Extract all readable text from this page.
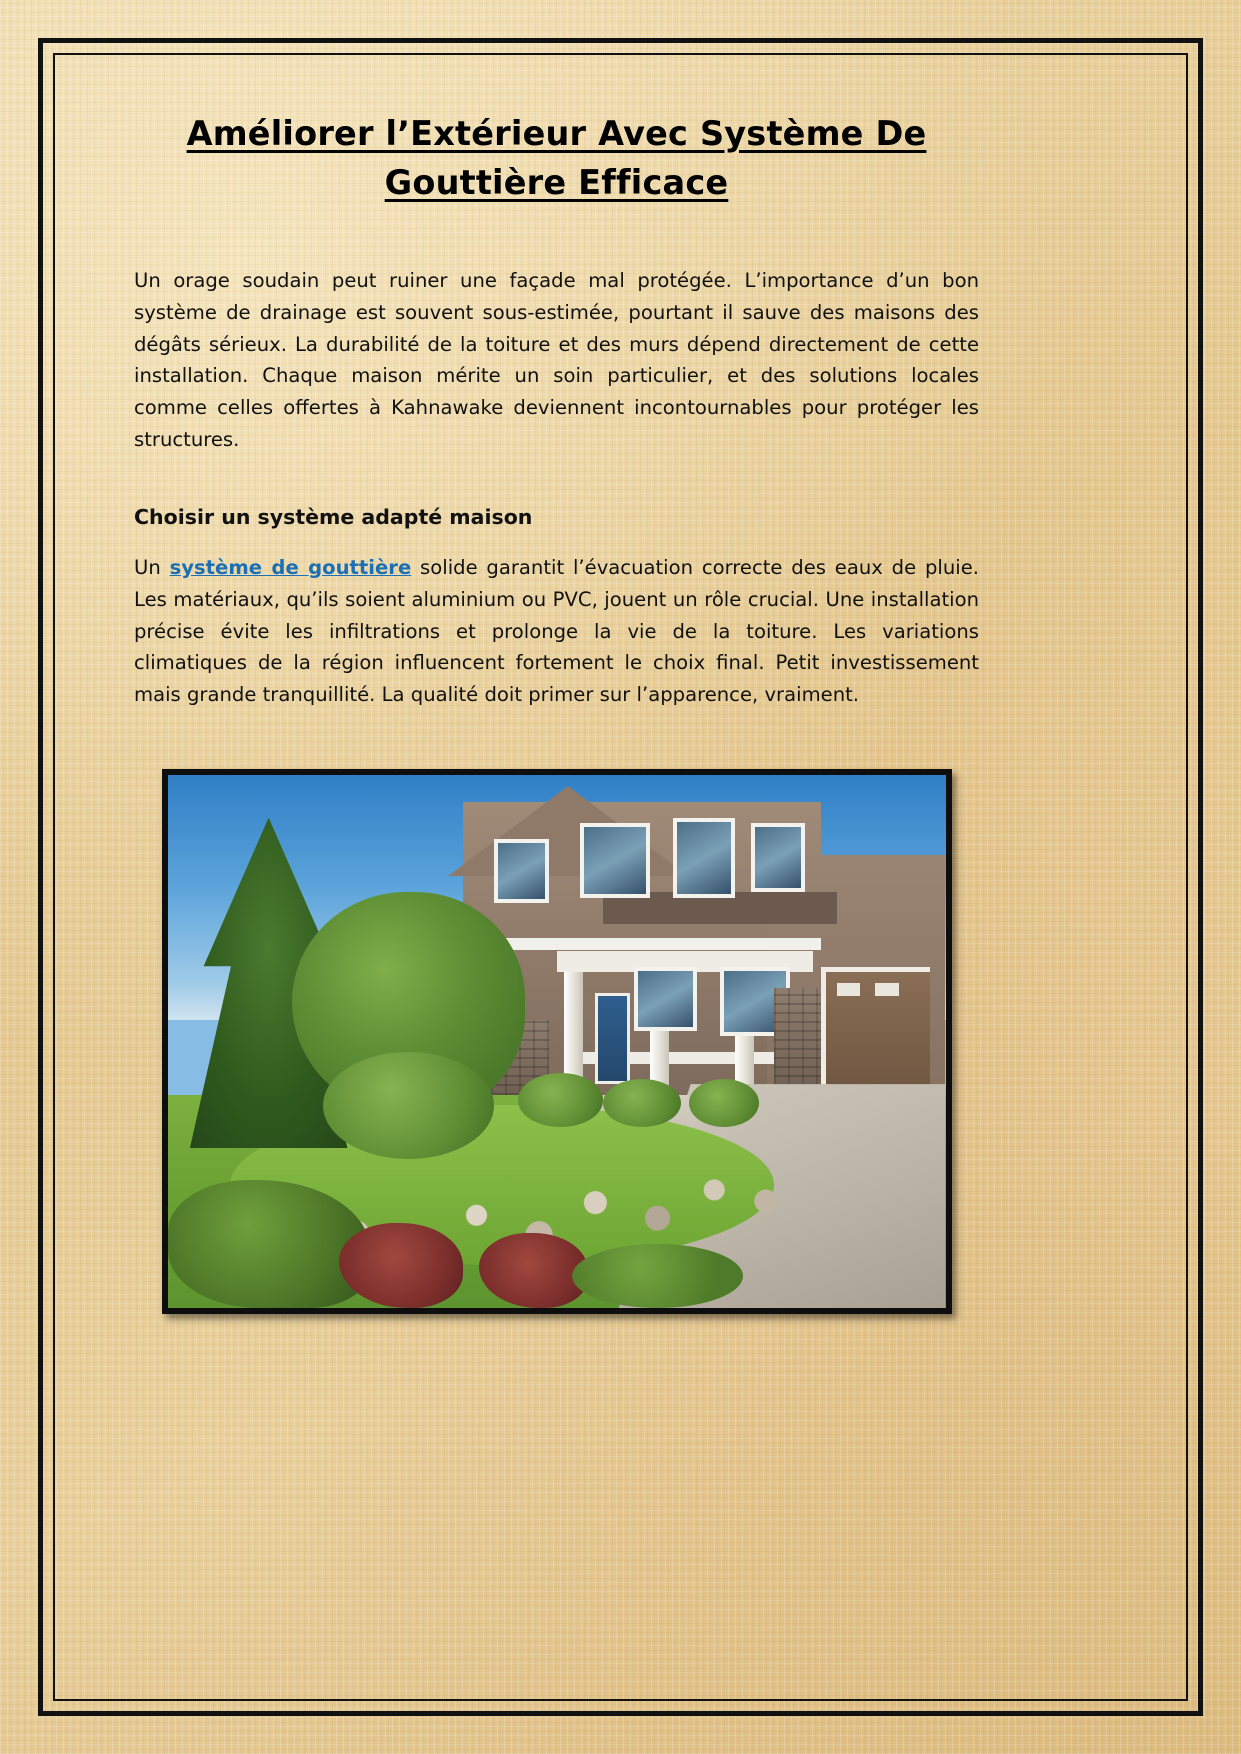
Améliorer l’Extérieur Avec Système De Gouttière Efficace

Un orage soudain peut ruiner une façade mal protégée. L’importance d’un bon système de drainage est souvent sous-estimée, pourtant il sauve des maisons des dégâts sérieux. La durabilité de la toiture et des murs dépend directement de cette installation. Chaque maison mérite un soin particulier, et des solutions locales comme celles offertes à Kahnawake deviennent incontournables pour protéger les structures.

Choisir un système adapté maison

Un système de gouttière solide garantit l’évacuation correcte des eaux de pluie. Les matériaux, qu’ils soient aluminium ou PVC, jouent un rôle crucial. Une installation précise évite les infiltrations et prolonge la vie de la toiture. Les variations climatiques de la région influencent fortement le choix final. Petit investissement mais grande tranquillité. La qualité doit primer sur l’apparence, vraiment.
